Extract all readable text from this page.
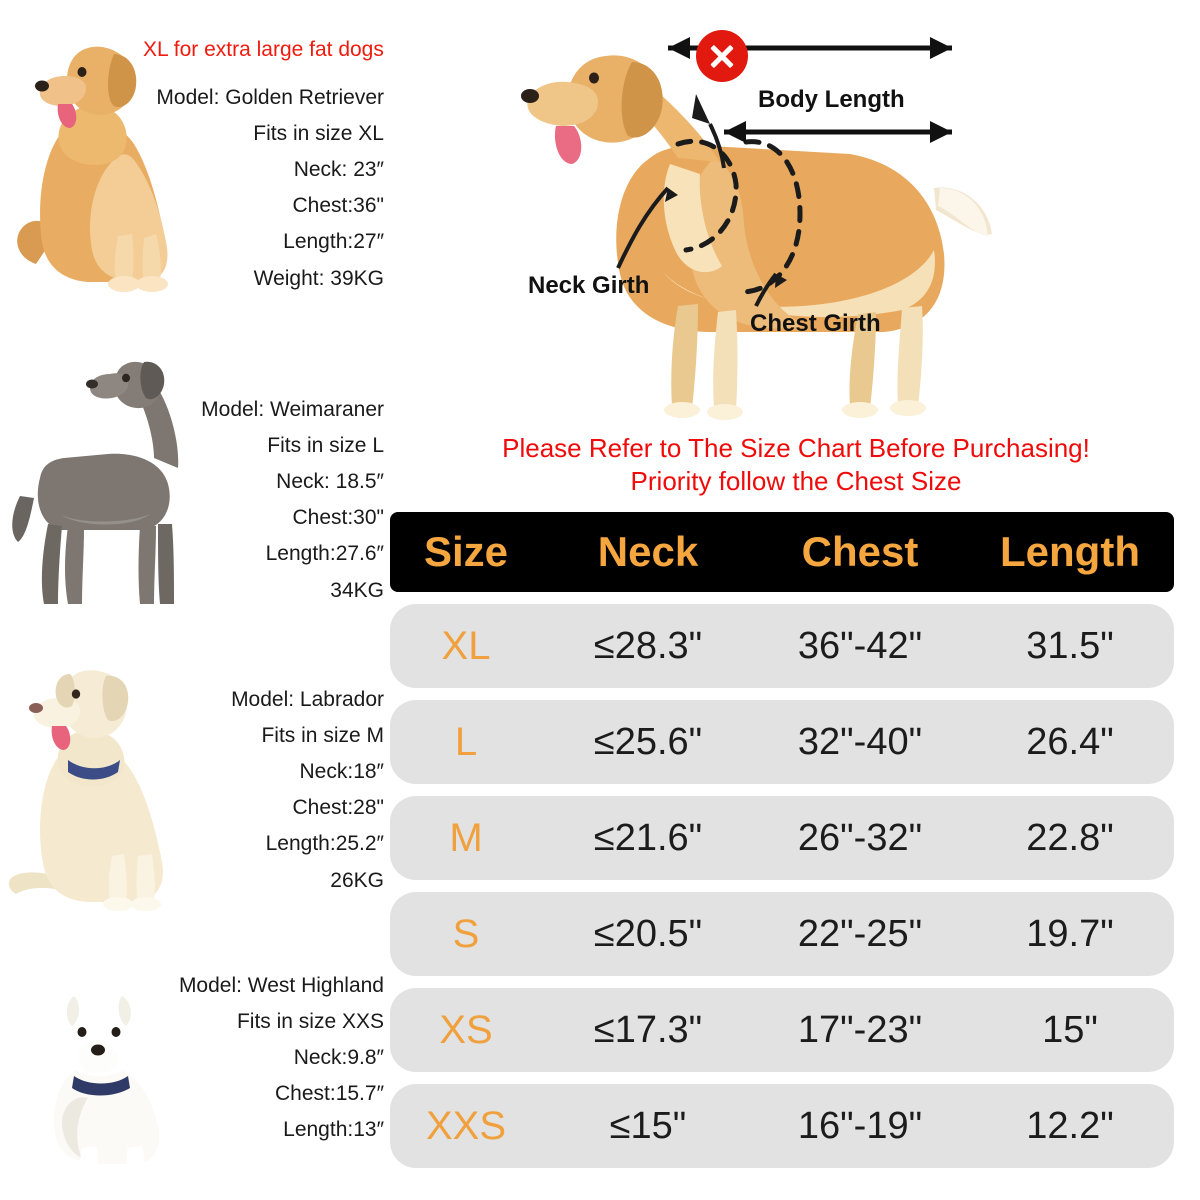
XL for extra large fat dogs
Model: Golden Retriever
Fits in size XL
Neck: 23″
Chest:36"
Length:27″
Weight: 39KG
Model: Weimaraner
Fits in size L
Neck: 18.5″
Chest:30"
Length:27.6″
34KG
Model: Labrador
Fits in size M
Neck:18″
Chest:28"
Length:25.2″
26KG
Model: West Highland
Fits in size XXS
Neck:9.8″
Chest:15.7″
Length:13″
Body Length
Neck Girth
Chest Girth
Please Refer to The Size Chart Before Purchasing!
Priority follow the Chest Size
Size	Neck	Chest	Length
XL	≤28.3"	36"-42"	31.5"
L	≤25.6"	32"-40"	26.4"
M	≤21.6"	26"-32"	22.8"
S	≤20.5"	22"-25"	19.7"
XS	≤17.3"	17"-23"	15"
XXS	≤15"	16"-19"	12.2"
